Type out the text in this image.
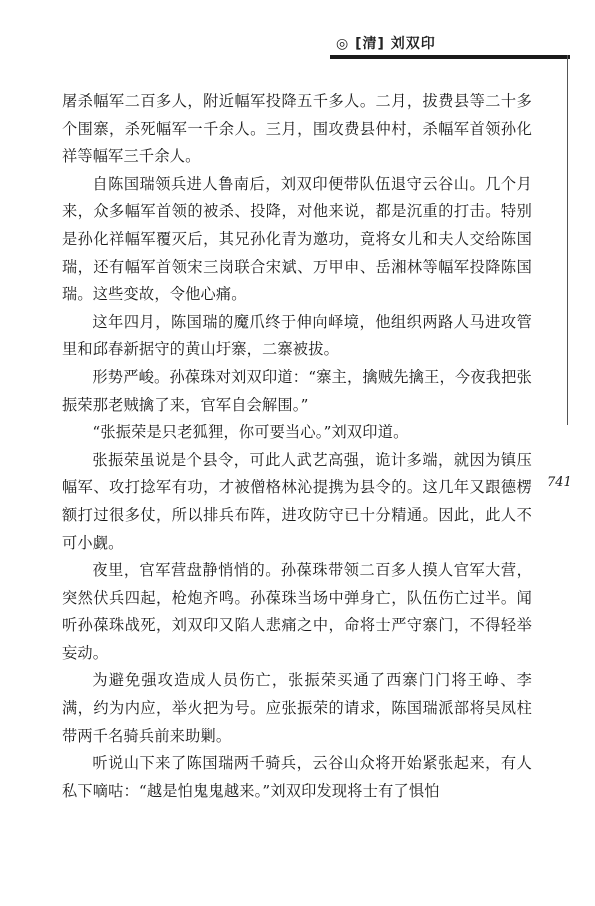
◎ [清] 刘双印
741

屠杀幅军二百多人，附近幅军投降五千多人。二月，拔费县等二十多个围寨，杀死幅军一千余人。三月，围攻费县仲村，杀幅军首领孙化祥等幅军三千余人。

自陈国瑞领兵进人鲁南后，刘双印便带队伍退守云谷山。几个月来，众多幅军首领的被杀、投降，对他来说，都是沉重的打击。特别是孙化祥幅军覆灭后，其兄孙化青为邀功，竟将女儿和夫人交给陈国瑞，还有幅军首领宋三岗联合宋斌、万甲申、岳湘林等幅军投降陈国瑞。这些变故，令他心痛。

这年四月，陈国瑞的魔爪终于伸向峄境，他组织两路人马进攻管里和邱春新据守的黄山圩寨，二寨被拔。

形势严峻。孙葆珠对刘双印道：“寨主，擒贼先擒王，今夜我把张振荣那老贼擒了来，官军自会解围。”

“张振荣是只老狐狸，你可要当心。”刘双印道。

张振荣虽说是个县令，可此人武艺高强，诡计多端，就因为镇压幅军、攻打捻军有功，才被僧格林沁提携为县令的。这几年又跟德楞额打过很多仗，所以排兵布阵，进攻防守已十分精通。因此，此人不可小觑。

夜里，官军营盘静悄悄的。孙葆珠带领二百多人摸人官军大营，突然伏兵四起，枪炮齐鸣。孙葆珠当场中弹身亡，队伍伤亡过半。闻听孙葆珠战死，刘双印又陷人悲痛之中，命将士严守寨门，不得轻举妄动。

为避免强攻造成人员伤亡，张振荣买通了西寨门门将王峥、李满，约为内应，举火把为号。应张振荣的请求，陈国瑞派部将吴凤柱带两千名骑兵前来助剿。

听说山下来了陈国瑞两千骑兵，云谷山众将开始紧张起来，有人私下嘀咕：“越是怕鬼鬼越来。”刘双印发现将士有了惧怕
